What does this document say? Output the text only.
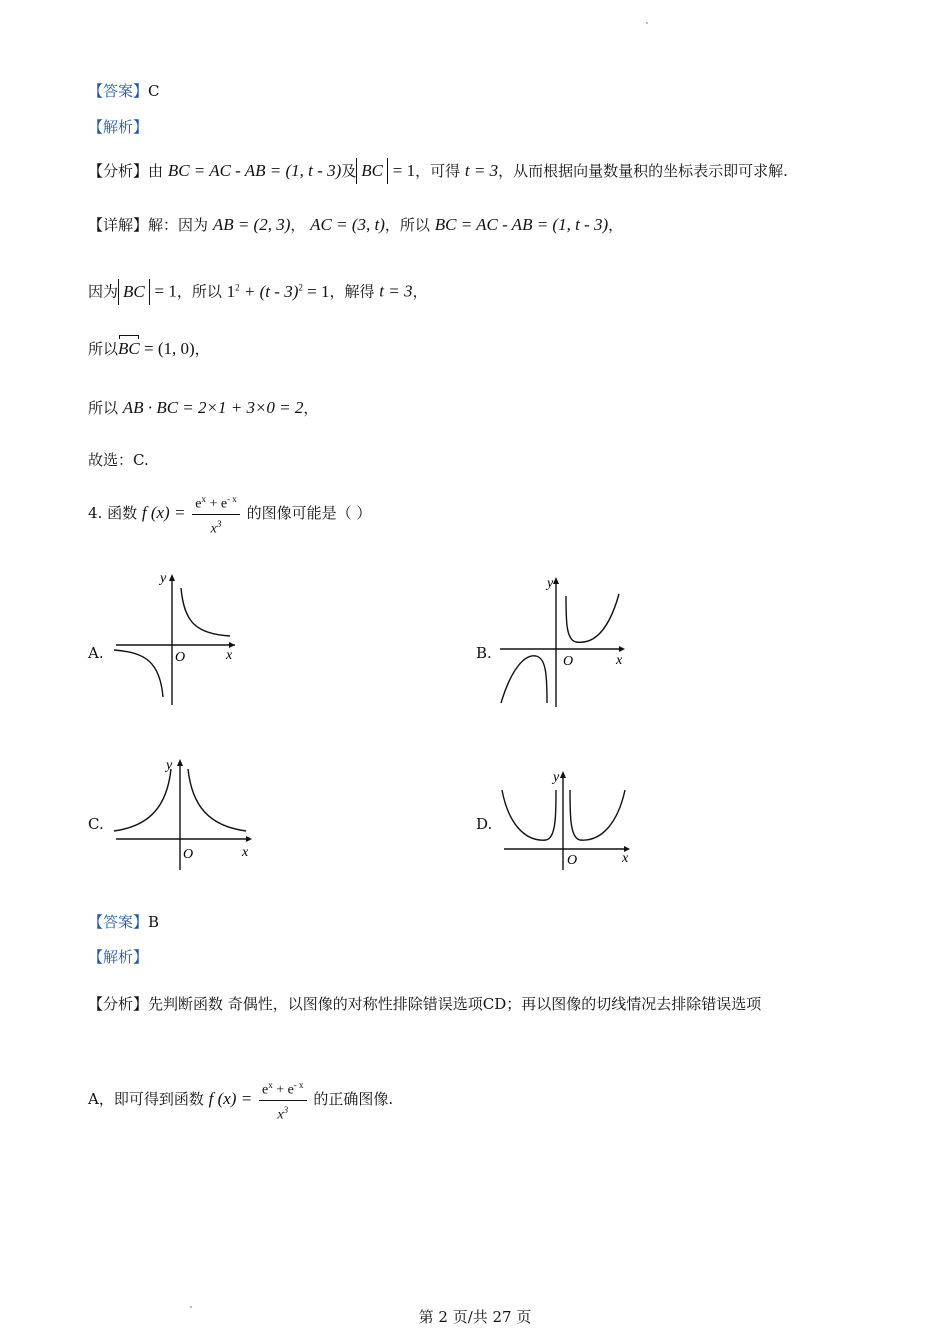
【答案】C
【解析】
【分析】由 BC = AC - AB = (1, t - 3)及 BC = 1，可得 t = 3，从而根据向量数量积的坐标表示即可求解.
【详解】解：因为 AB = (2, 3)， AC = (3, t)，所以 BC = AC - AB = (1, t - 3)，
因为 BC = 1，所以 $1^2 + (t - 3)^2 = 1$，解得 t = 3，
所以BC = (1, 0)，
所以 AB · BC = 2×1 + 3×0 = 2，
故选：C.
4. 函数 f $(x) = \frac{e^x + e^{- x}}{x^3}$ 的图像可能是（ ）
A.	B.
C.	D.
y
x
O
y
x
O
y
x
O
y
x
O
【答案】B
【解析】
【分析】先判断函数 奇偶性，以图像的对称性排除错误选项CD；再以图像的切线情况去排除错误选项
A，即可得到函数 f $(x) = \frac{e^x + e^{- x}}{x^3}$ 的正确图像.
第 2 页/共 27 页
